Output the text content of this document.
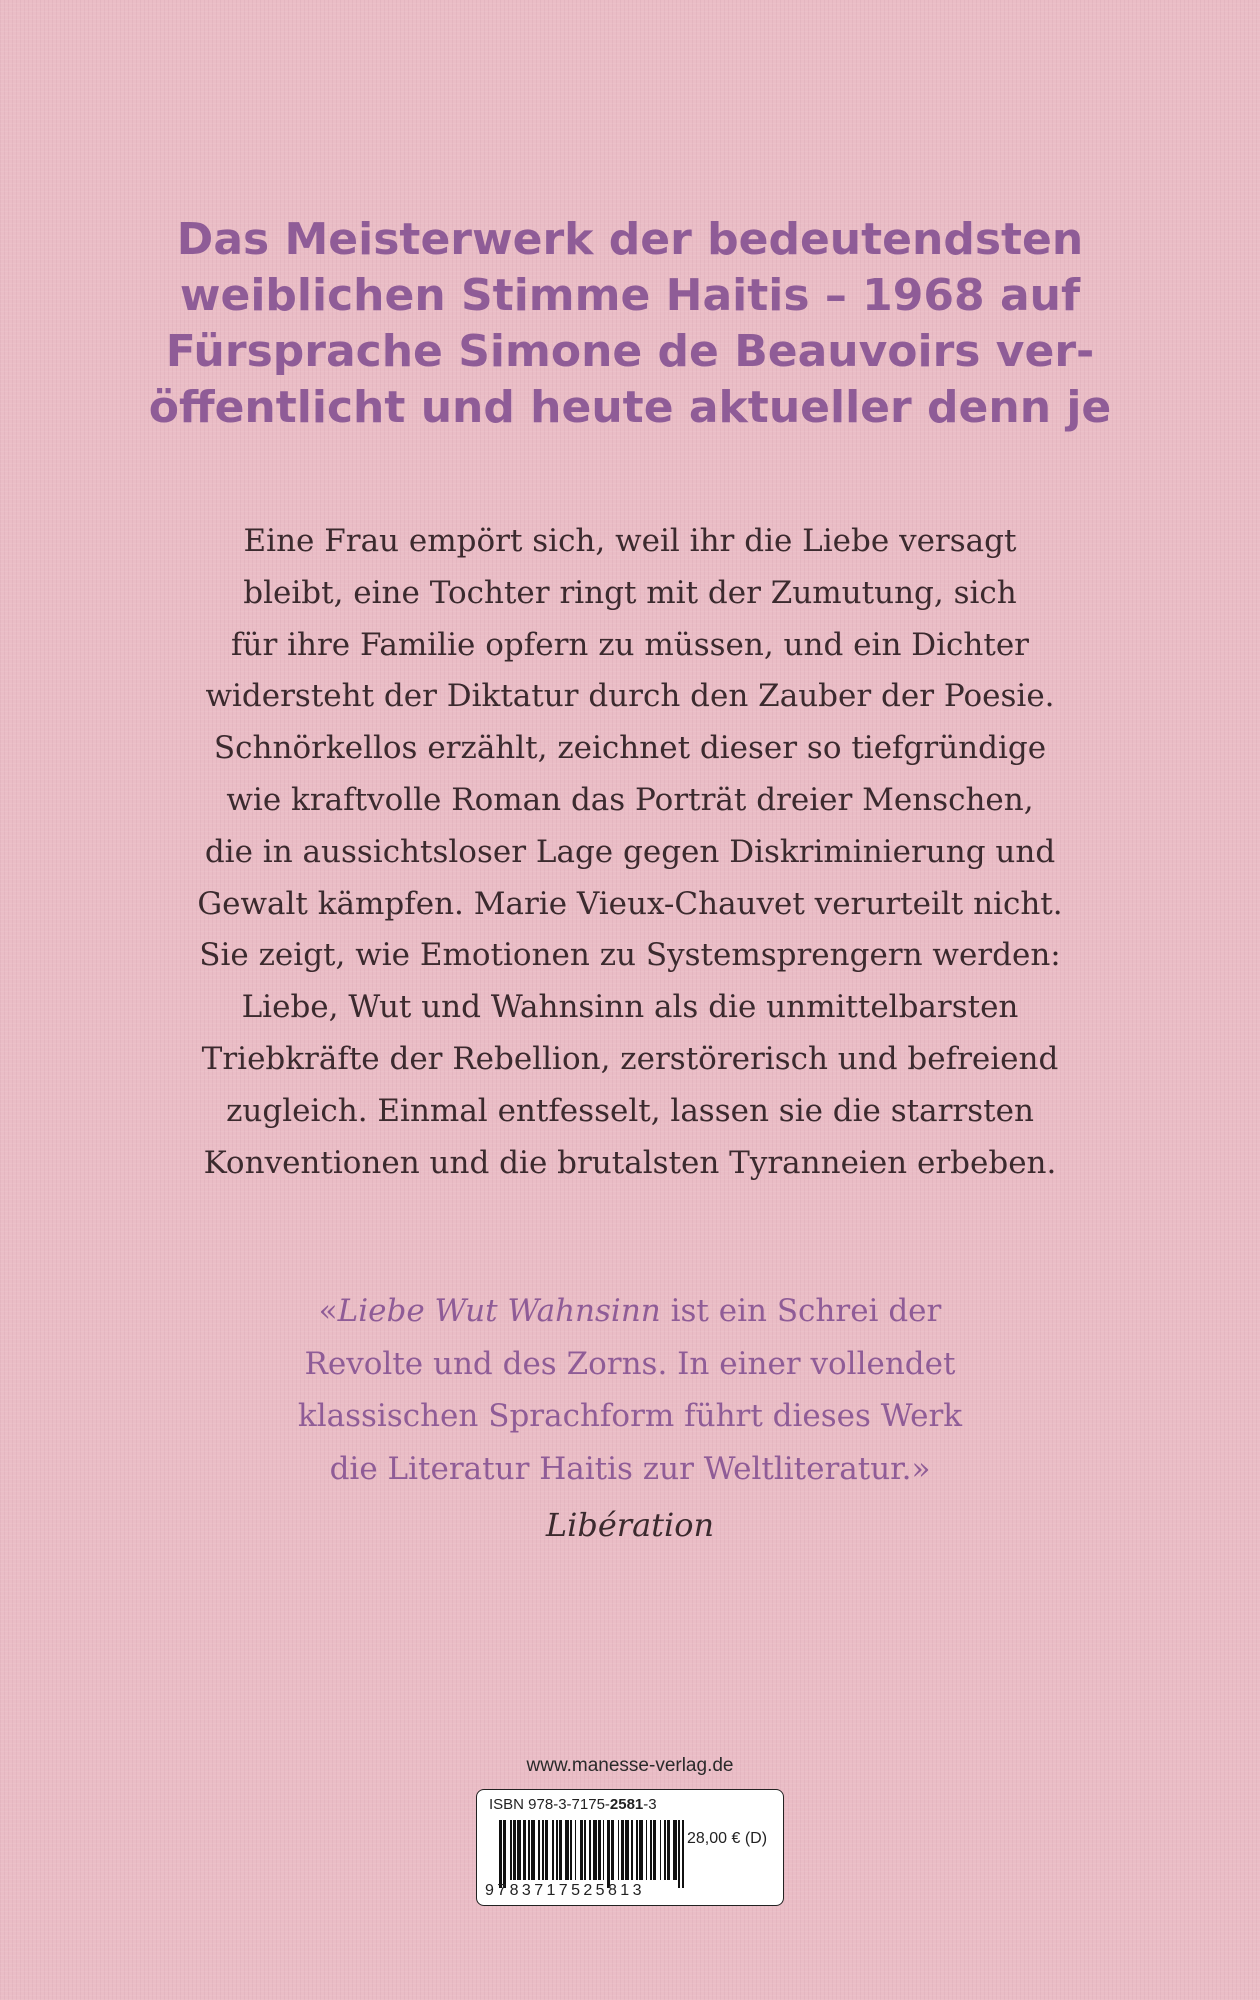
Das Meisterwerk der bedeutendsten
weiblichen Stimme Haitis – 1968 auf
Fürsprache Simone de Beauvoirs ver-
öffentlicht und heute aktueller denn je
Eine Frau empört sich, weil ihr die Liebe versagt
bleibt, eine Tochter ringt mit der Zumutung, sich
für ihre Familie opfern zu müssen, und ein Dichter
widersteht der Diktatur durch den Zauber der Poesie.
Schnörkellos erzählt, zeichnet dieser so tiefgründige
wie kraftvolle Roman das Porträt dreier Menschen,
die in aussichtsloser Lage gegen Diskriminierung und
Gewalt kämpfen. Marie Vieux-Chauvet verurteilt nicht.
Sie zeigt, wie Emotionen zu Systemsprengern werden:
Liebe, Wut und Wahnsinn als die unmittelbarsten
Triebkräfte der Rebellion, zerstörerisch und befreiend
zugleich. Einmal entfesselt, lassen sie die starrsten
Konventionen und die brutalsten Tyranneien erbeben.
«Liebe Wut Wahnsinn ist ein Schrei der
Revolte und des Zorns. In einer vollendet
klassischen Sprachform führt dieses Werk
die Literatur Haitis zur Weltliteratur.»
Libération
www.manesse-verlag.de
ISBN 978-3-7175-2581-3
28,00 € (D)
9783717525813
